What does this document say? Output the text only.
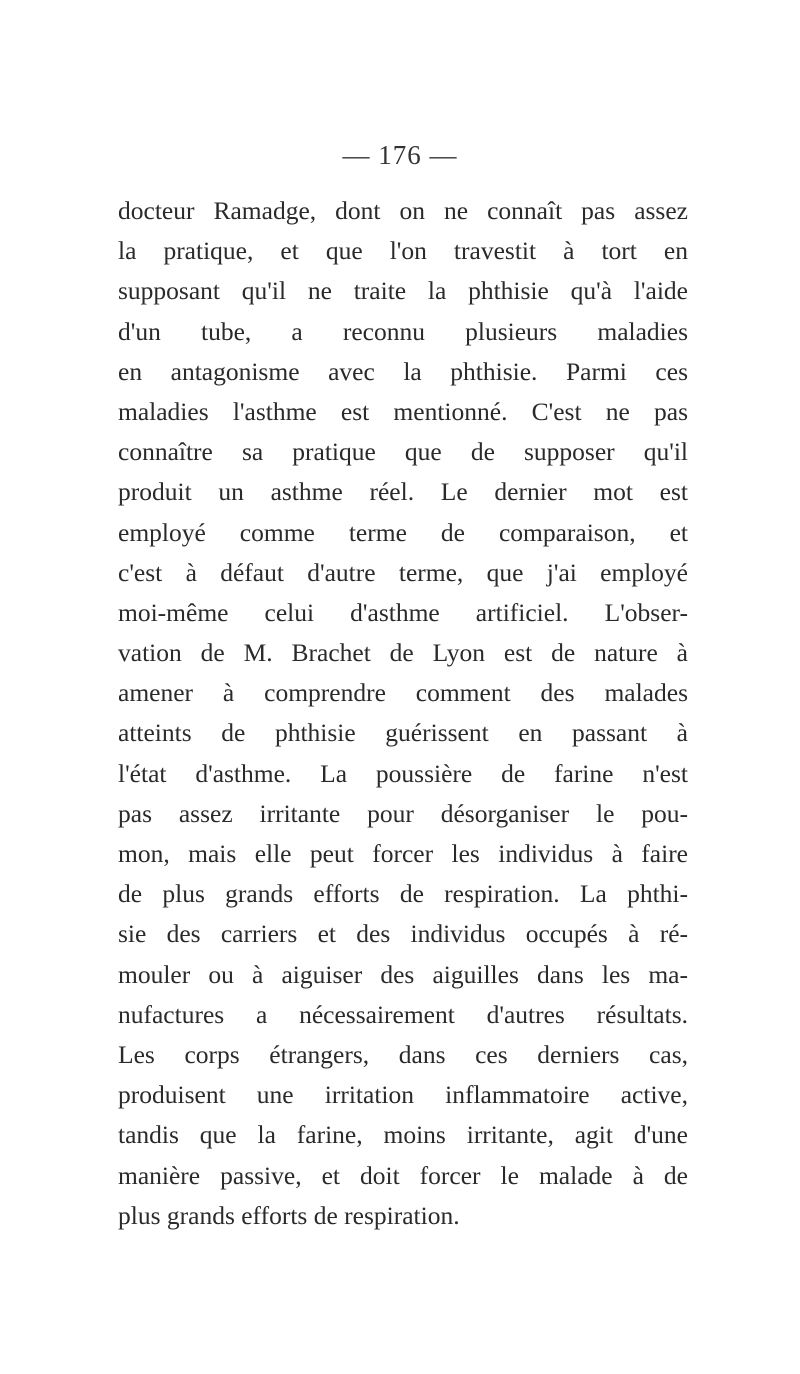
— 176 —
docteur Ramadge, dont on ne connaît pas assez
la pratique, et que l'on travestit à tort en
supposant qu'il ne traite la phthisie qu'à l'aide
d'un tube, a reconnu plusieurs maladies
en antagonisme avec la phthisie. Parmi ces
maladies l'asthme est mentionné. C'est ne pas
connaître sa pratique que de supposer qu'il
produit un asthme réel. Le dernier mot est
employé comme terme de comparaison, et
c'est à défaut d'autre terme, que j'ai employé
moi-même celui d'asthme artificiel. L'obser-
vation de M. Brachet de Lyon est de nature à
amener à comprendre comment des malades
atteints de phthisie guérissent en passant à
l'état d'asthme. La poussière de farine n'est
pas assez irritante pour désorganiser le pou-
mon, mais elle peut forcer les individus à faire
de plus grands efforts de respiration. La phthi-
sie des carriers et des individus occupés à ré-
mouler ou à aiguiser des aiguilles dans les ma-
nufactures a nécessairement d'autres résultats.
Les corps étrangers, dans ces derniers cas,
produisent une irritation inflammatoire active,
tandis que la farine, moins irritante, agit d'une
manière passive, et doit forcer le malade à de
plus grands efforts de respiration.
